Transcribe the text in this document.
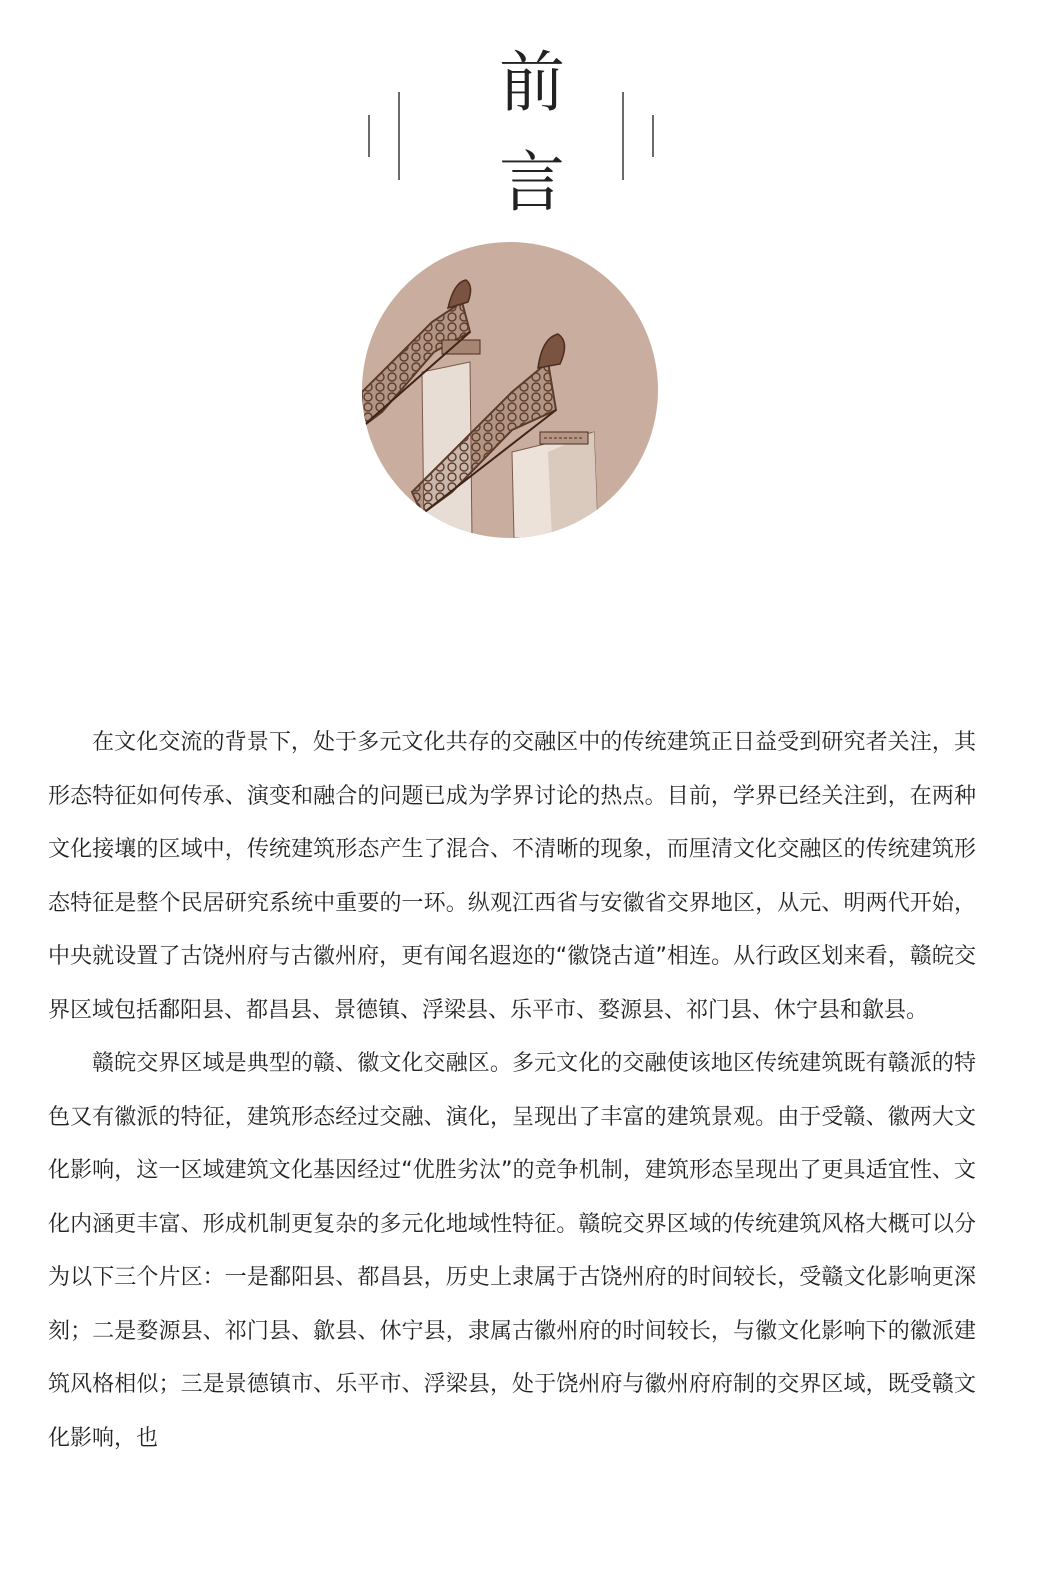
前
言

在文化交流的背景下，处于多元文化共存的交融区中的传统建筑正日益受到研究者关注，其形态特征如何传承、演变和融合的问题已成为学界讨论的热点。目前，学界已经关注到，在两种文化接壤的区域中，传统建筑形态产生了混合、不清晰的现象，而厘清文化交融区的传统建筑形态特征是整个民居研究系统中重要的一环。纵观江西省与安徽省交界地区，从元、明两代开始，中央就设置了古饶州府与古徽州府，更有闻名遐迩的“徽饶古道”相连。从行政区划来看，赣皖交界区域包括鄱阳县、都昌县、景德镇、浮梁县、乐平市、婺源县、祁门县、休宁县和歙县。

赣皖交界区域是典型的赣、徽文化交融区。多元文化的交融使该地区传统建筑既有赣派的特色又有徽派的特征，建筑形态经过交融、演化，呈现出了丰富的建筑景观。由于受赣、徽两大文化影响，这一区域建筑文化基因经过“优胜劣汰”的竞争机制，建筑形态呈现出了更具适宜性、文化内涵更丰富、形成机制更复杂的多元化地域性特征。赣皖交界区域的传统建筑风格大概可以分为以下三个片区：一是鄱阳县、都昌县，历史上隶属于古饶州府的时间较长，受赣文化影响更深刻；二是婺源县、祁门县、歙县、休宁县，隶属古徽州府的时间较长，与徽文化影响下的徽派建筑风格相似；三是景德镇市、乐平市、浮梁县，处于饶州府与徽州府府制的交界区域，既受赣文化影响，也
